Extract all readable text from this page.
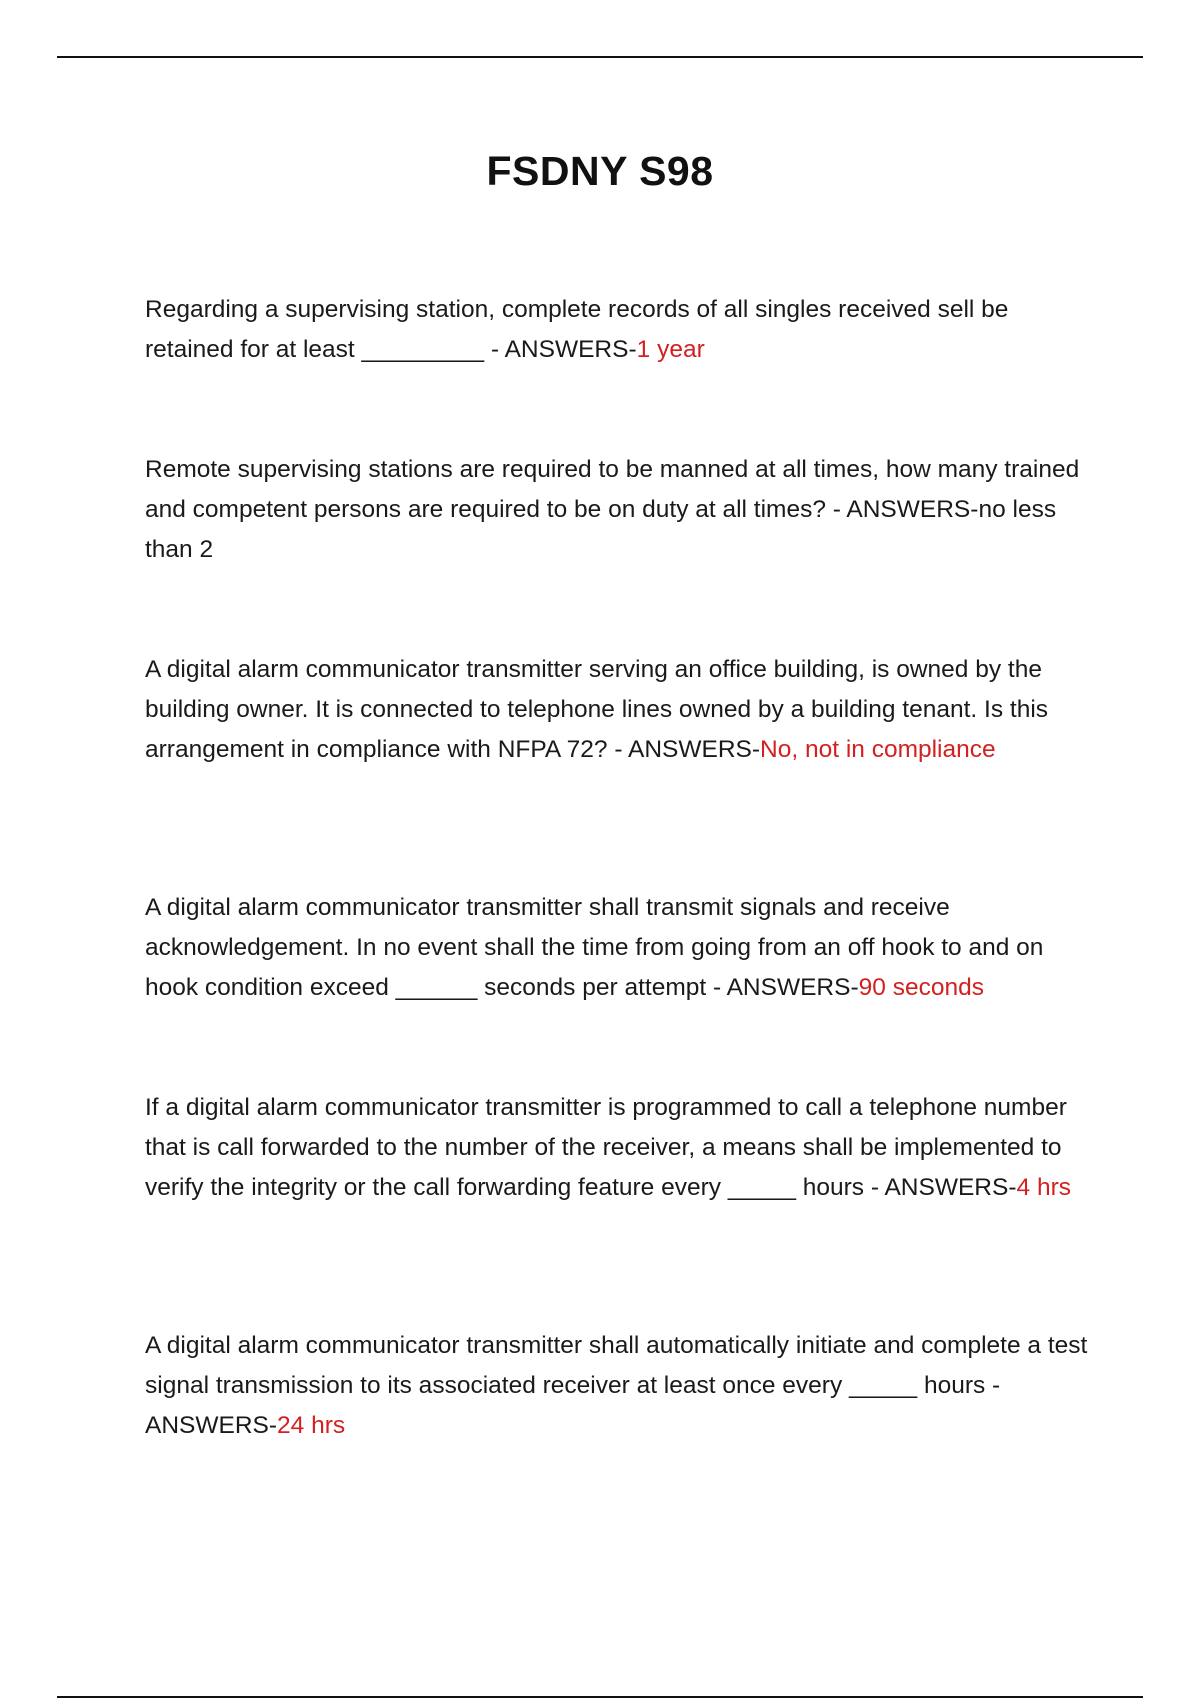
FSDNY S98

Regarding a supervising station, complete records of all singles received sell be retained for at least _________ - ANSWERS-1 year

Remote supervising stations are required to be manned at all times, how many trained and competent persons are required to be on duty at all times? - ANSWERS-no less than 2

A digital alarm communicator transmitter serving an office building, is owned by the building owner. It is connected to telephone lines owned by a building tenant. Is this arrangement in compliance with NFPA 72? - ANSWERS-No, not in compliance

A digital alarm communicator transmitter shall transmit signals and receive acknowledgement. In no event shall the time from going from an off hook to and on hook condition exceed ______ seconds per attempt - ANSWERS-90 seconds

If a digital alarm communicator transmitter is programmed to call a telephone number that is call forwarded to the number of the receiver, a means shall be implemented to verify the integrity or the call forwarding feature every _____ hours - ANSWERS-4 hrs

A digital alarm communicator transmitter shall automatically initiate and complete a test signal transmission to its associated receiver at least once every _____ hours - ANSWERS-24 hrs
